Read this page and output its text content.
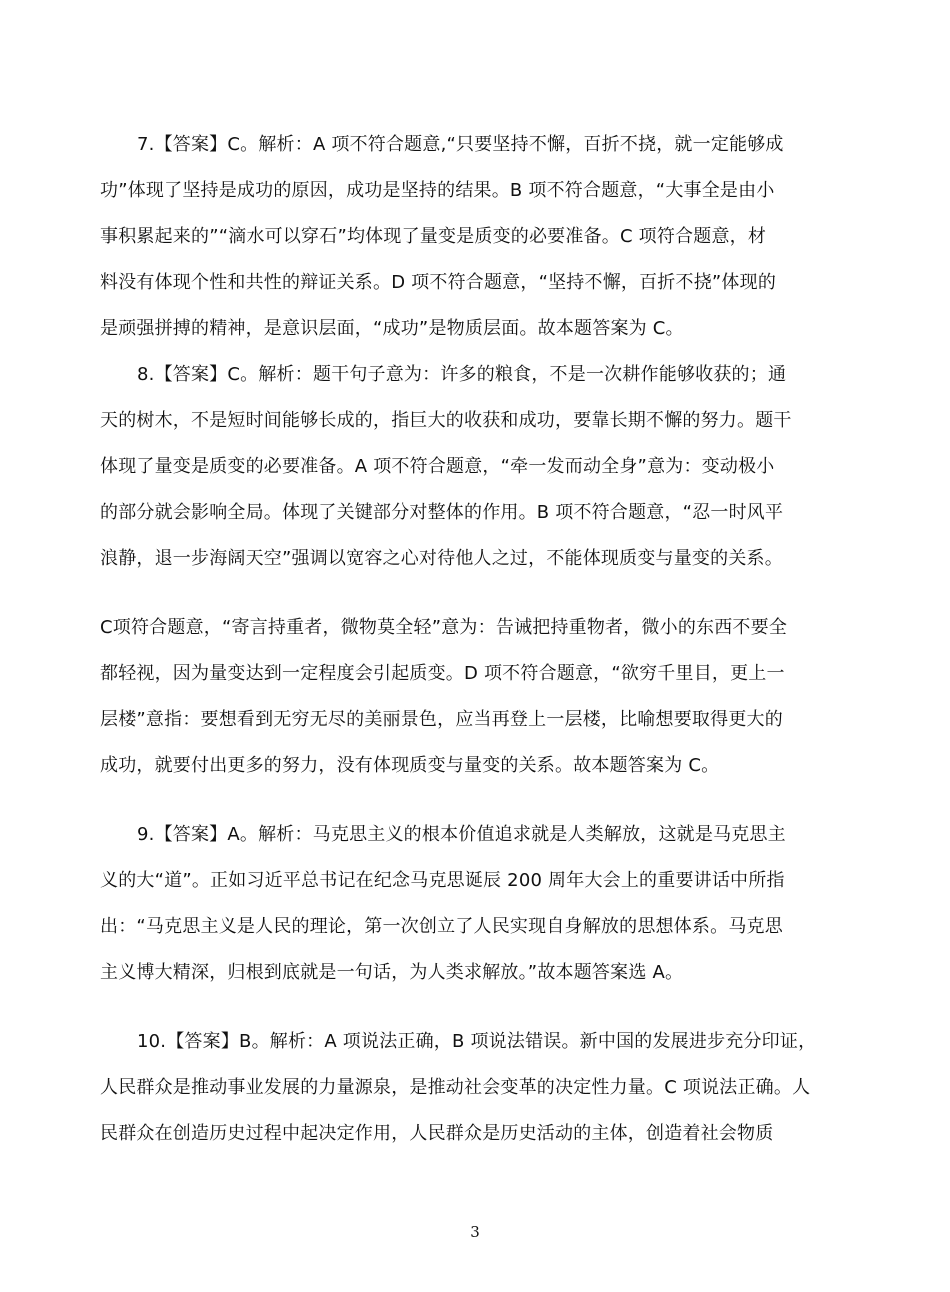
7.【答案】C。解析：A 项不符合题意,“只要坚持不懈，百折不挠，就一定能够成

功”体现了坚持是成功的原因，成功是坚持的结果。B 项不符合题意，“大事全是由小

事积累起来的”“滴水可以穿石”均体现了量变是质变的必要准备。C 项符合题意，材

料没有体现个性和共性的辩证关系。D 项不符合题意，“坚持不懈，百折不挠”体现的

是顽强拼搏的精神，是意识层面，“成功”是物质层面。故本题答案为 C。

8.【答案】C。解析：题干句子意为：许多的粮食，不是一次耕作能够收获的；通

天的树木，不是短时间能够长成的，指巨大的收获和成功，要靠长期不懈的努力。题干

体现了量变是质变的必要准备。A 项不符合题意，“牵一发而动全身”意为：变动极小

的部分就会影响全局。体现了关键部分对整体的作用。B 项不符合题意，“忍一时风平

浪静，退一步海阔天空”强调以宽容之心对待他人之过，不能体现质变与量变的关系。

C项符合题意，“寄言持重者，微物莫全轻”意为：告诫把持重物者，微小的东西不要全

都轻视，因为量变达到一定程度会引起质变。D 项不符合题意，“欲穷千里目，更上一

层楼”意指：要想看到无穷无尽的美丽景色，应当再登上一层楼，比喻想要取得更大的

成功，就要付出更多的努力，没有体现质变与量变的关系。故本题答案为 C。

9.【答案】A。解析：马克思主义的根本价值追求就是人类解放，这就是马克思主

义的大“道”。正如习近平总书记在纪念马克思诞辰 200 周年大会上的重要讲话中所指

出：“马克思主义是人民的理论，第一次创立了人民实现自身解放的思想体系。马克思

主义博大精深，归根到底就是一句话，为人类求解放。”故本题答案选 A。

10.【答案】B。解析：A 项说法正确，B 项说法错误。新中国的发展进步充分印证，

人民群众是推动事业发展的力量源泉，是推动社会变革的决定性力量。C 项说法正确。人

民群众在创造历史过程中起决定作用，人民群众是历史活动的主体，创造着社会物质

3
